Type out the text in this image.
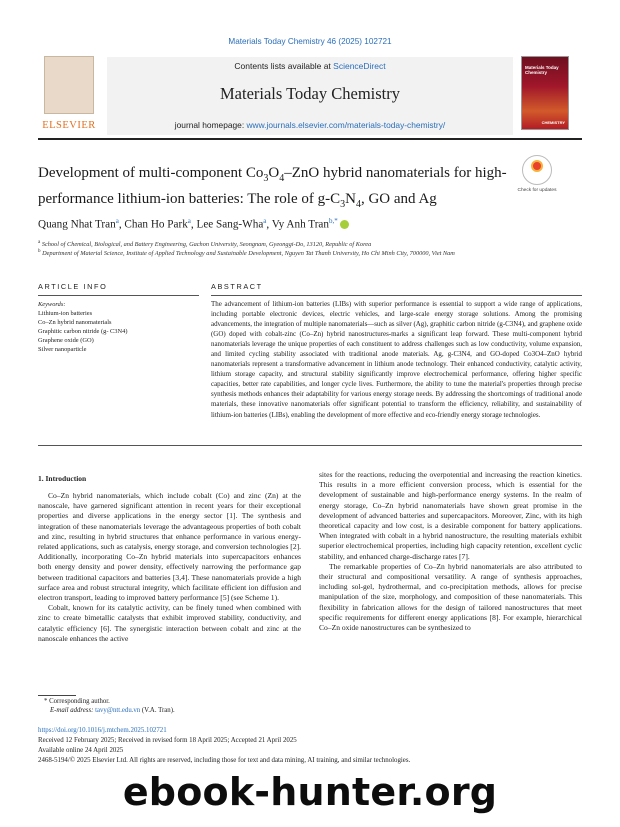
Materials Today Chemistry 46 (2025) 102721
ELSEVIER
Contents lists available at ScienceDirect
Materials Today Chemistry
journal homepage: www.journals.elsevier.com/materials-today-chemistry/
Materials Today Chemistry
CHEMISTRY
Development of multi-component $Co_3O_4$–ZnO hybrid nanomaterials for high-performance lithium-ion batteries: The role of $g-C_3N_4$, GO and Ag
Check for updates
Quang Nhat Tran$^a$, Chan Ho Park$^a$, Lee Sang-Wha$^a$, Vy Anh Tran$^{b,*}$
$^a$ School of Chemical, Biological, and Battery Engineering, Gachon University, Seongnam, Gyeonggi-Do, 13120, Republic of Korea
$^b$ Department of Material Science, Institute of Applied Technology and Sustainable Development, Nguyen Tat Thanh University, Ho Chi Minh City, 700000, Viet Nam
ARTICLE INFO	ABSTRACT
Keywords:
Lithium-ion batteries
Co–Zn hybrid nanomaterials
Graphitic carbon nitride (g- C3N4)
Graphene oxide (GO)
Silver nanoparticle
The advancement of lithium-ion batteries (LIBs) with superior performance is essential to support a wide range of applications, including portable electronic devices, electric vehicles, and large-scale energy storage solutions. Among the promising advancements, the integration of multiple nanomaterials—such as silver (Ag), graphitic carbon nitride (g-C3N4), and graphene oxide (GO) doped with cobalt-zinc (Co–Zn) hybrid nanostructures-marks a significant leap forward. These multi-component hybrid nanomaterials leverage the unique properties of each constituent to address challenges such as low conductivity, volume expansion, and limited cycling stability associated with traditional anode materials. Ag, g-C3N4, and GO-doped Co3O4–ZnO hybrid nanomaterials represent a transformative advancement in lithium anode technology. Their enhanced conductivity, catalytic activity, lithium storage capacity, and structural stability significantly improve electrochemical performance, offering higher specific capacities, better rate capabilities, and longer cycle lives. Furthermore, the ability to tune the material's properties through precise synthesis methods enhances their adaptability for various energy storage needs. By addressing the shortcomings of traditional anode materials, these innovative nanomaterials offer significant potential to transform the efficiency, reliability, and sustainability of lithium-ion batteries (LIBs), enabling the development of more effective and eco-friendly energy storage technologies.
1. Introduction

Co–Zn hybrid nanomaterials, which include cobalt (Co) and zinc (Zn) at the nanoscale, have garnered significant attention in recent years for their exceptional properties and diverse applications in the energy sector [1]. The synthesis and integration of these nanomaterials leverage the advantageous properties of both cobalt and zinc, resulting in hybrid structures that enhance performance in various energy-related applications, such as catalysis, energy storage, and conversion technologies [2]. Additionally, incorporating Co–Zn hybrid materials into supercapacitors enhances both energy density and power density, effectively narrowing the performance gap between traditional capacitors and batteries [3,4]. These nanomaterials provide a high surface area and robust structural integrity, which facilitate efficient ion diffusion and electron transport, leading to improved battery performance [5] (see Scheme 1).

Cobalt, known for its catalytic activity, can be finely tuned when combined with zinc to create bimetallic catalysts that exhibit improved stability, conductivity, and catalytic efficiency [6]. The synergistic interaction between cobalt and zinc at the nanoscale enhances the active

sites for the reactions, reducing the overpotential and increasing the reaction kinetics. This results in a more efficient conversion process, which is essential for the development of sustainable and high-performance energy systems. In the realm of energy storage, Co–Zn hybrid nanomaterials have shown great promise in the development of advanced batteries and supercapacitors. Moreover, Zinc, with its high theoretical capacity and low cost, is a desirable component for battery applications. When integrated with cobalt in a hybrid nanostructure, the resulting materials exhibit superior electrochemical properties, including high capacity retention, excellent cyclic stability, and enhanced charge-discharge rates [7].

The remarkable properties of Co–Zn hybrid nanomaterials are also attributed to their structural and compositional versatility. A range of synthesis approaches, including sol-gel, hydrothermal, and co-precipitation methods, allows for precise manipulation of the size, morphology, and composition of these nanomaterials. This flexibility in fabrication allows for the design of tailored nanostructures that meet specific requirements for different energy applications [8]. For example, hierarchical Co–Zn oxide nanostructures can be synthesized to

* Corresponding author.
E-mail address: tavy@ntt.edu.vn (V.A. Tran).
https://doi.org/10.1016/j.mtchem.2025.102721
Received 12 February 2025; Received in revised form 18 April 2025; Accepted 21 April 2025
Available online 24 April 2025
2468-5194/© 2025 Elsevier Ltd. All rights are reserved, including those for text and data mining, AI training, and similar technologies.
ebook-hunter.org
